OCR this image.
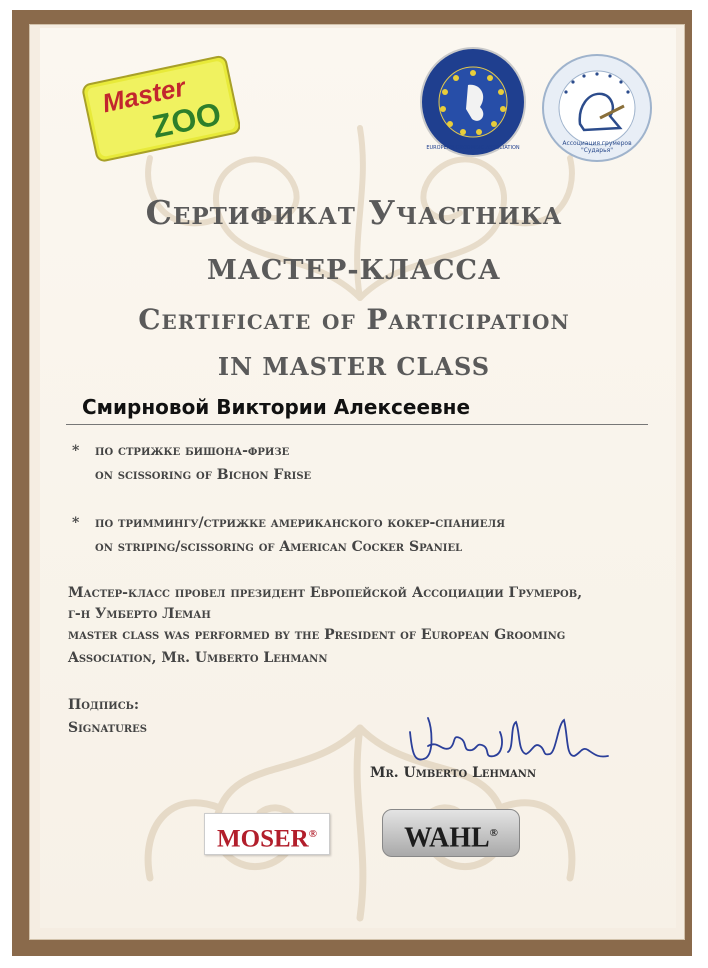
Master
ZOO
EUROPEAN GROOMING ASSOCIATION
Ассоциация грумеров "Сударья"
Сертификат Участника
МАСТЕР-КЛАССА
Certificate of Participation
IN MASTER CLASS
Смирновой Виктории Алексеевне
* по стрижке бишона-фризе
on scissoring of Bichon Frise
* по триммингу/стрижке американского кокер-спаниеля
on striping/scissoring of American Cocker Spaniel
Мастер-класс провел президент Европейской Ассоциации Грумеров,
г-н Умберто Леман
master class was performed by the President of European Grooming
Association, Mr. Umberto Lehmann
Подпись:
Signatures
Mr. Umberto Lehmann
MOSER®	WAHL®
